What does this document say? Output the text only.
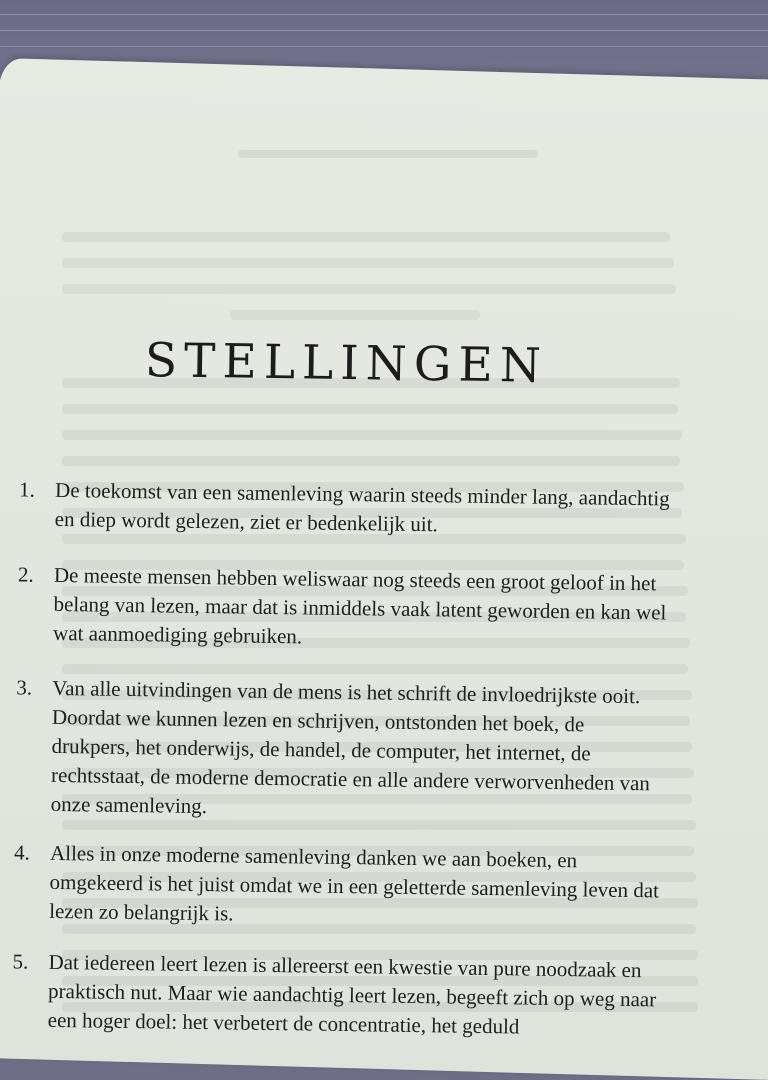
STELLINGEN
1. De toekomst van een samenleving waarin steeds minder lang, aandachtig en diep wordt gelezen, ziet er bedenkelijk uit.
2. De meeste mensen hebben weliswaar nog steeds een groot geloof in het belang van lezen, maar dat is inmiddels vaak latent geworden en kan wel wat aanmoediging gebruiken.
3. Van alle uitvindingen van de mens is het schrift de invloedrijkste ooit. Doordat we kunnen lezen en schrijven, ontstonden het boek, de drukpers, het onderwijs, de handel, de computer, het internet, de rechtsstaat, de moderne democratie en alle andere verworvenheden van onze samenleving.
4. Alles in onze moderne samenleving danken we aan boeken, en omgekeerd is het juist omdat we in een geletterde samenleving leven dat lezen zo belangrijk is.
5. Dat iedereen leert lezen is allereerst een kwestie van pure noodzaak en praktisch nut. Maar wie aandachtig leert lezen, begeeft zich op weg naar een hoger doel: het verbetert de concentratie, het geduld
